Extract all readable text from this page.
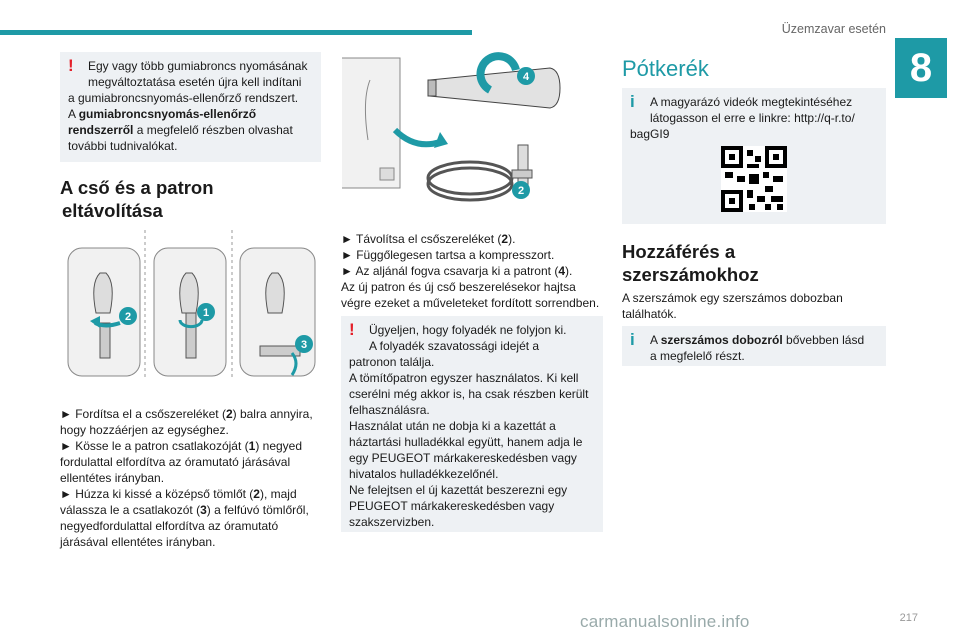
Üzemzavar esetén
8
!	Egy vagy több gumiabroncs nyomásának

megváltoztatása esetén újra kell indítani

a gumiabroncsnyomás-ellenőrző rendszert.

A gumiabroncsnyomás-ellenőrző

rendszerről a megfelelő részben olvashat

további tudnivalókat.

A cső és a patron
eltávolítása
2	1
3

► Fordítsa el a csőszereléket (2) balra annyira,

hogy hozzáérjen az egységhez.

► Kösse le a patron csatlakozóját (1) negyed

fordulattal elfordítva az óramutató járásával

ellentétes irányban.

► Húzza ki kissé a középső tömlőt (2), majd

válassza le a csatlakozót (3) a felfúvó tömlőről,

negyedfordulattal elfordítva az óramutató

járásával ellentétes irányban.

4
2

► Távolítsa el csőszereléket (2).

► Függőlegesen tartsa a kompresszort.

► Az aljánál fogva csavarja ki a patront (4).

Az új patron és új cső beszerelésekor hajtsa

végre ezeket a műveleteket fordított sorrendben.

!	Ügyeljen, hogy folyadék ne folyjon ki.

A folyadék szavatossági idejét a

patronon találja.

A tömítőpatron egyszer használatos. Ki kell

cserélni még akkor is, ha csak részben került

felhasználásra.

Használat után ne dobja ki a kazettát a

háztartási hulladékkal együtt, hanem adja le

egy PEUGEOT márkakereskedésben vagy

hivatalos hulladékkezelőnél.

Ne felejtsen el új kazettát beszerezni egy

PEUGEOT márkakereskedésben vagy

szakszervizben.

Pótkerék
i	A magyarázó videók megtekintéséhez

látogasson el erre e linkre: http://q-r.to/

bagGI9

Hozzáférés a
szerszámokhoz

A szerszámok egy szerszámos dobozban

találhatók.

i	A szerszámos dobozról bővebben lásd

a megfelelő részt.

217
carmanualsonline.info
